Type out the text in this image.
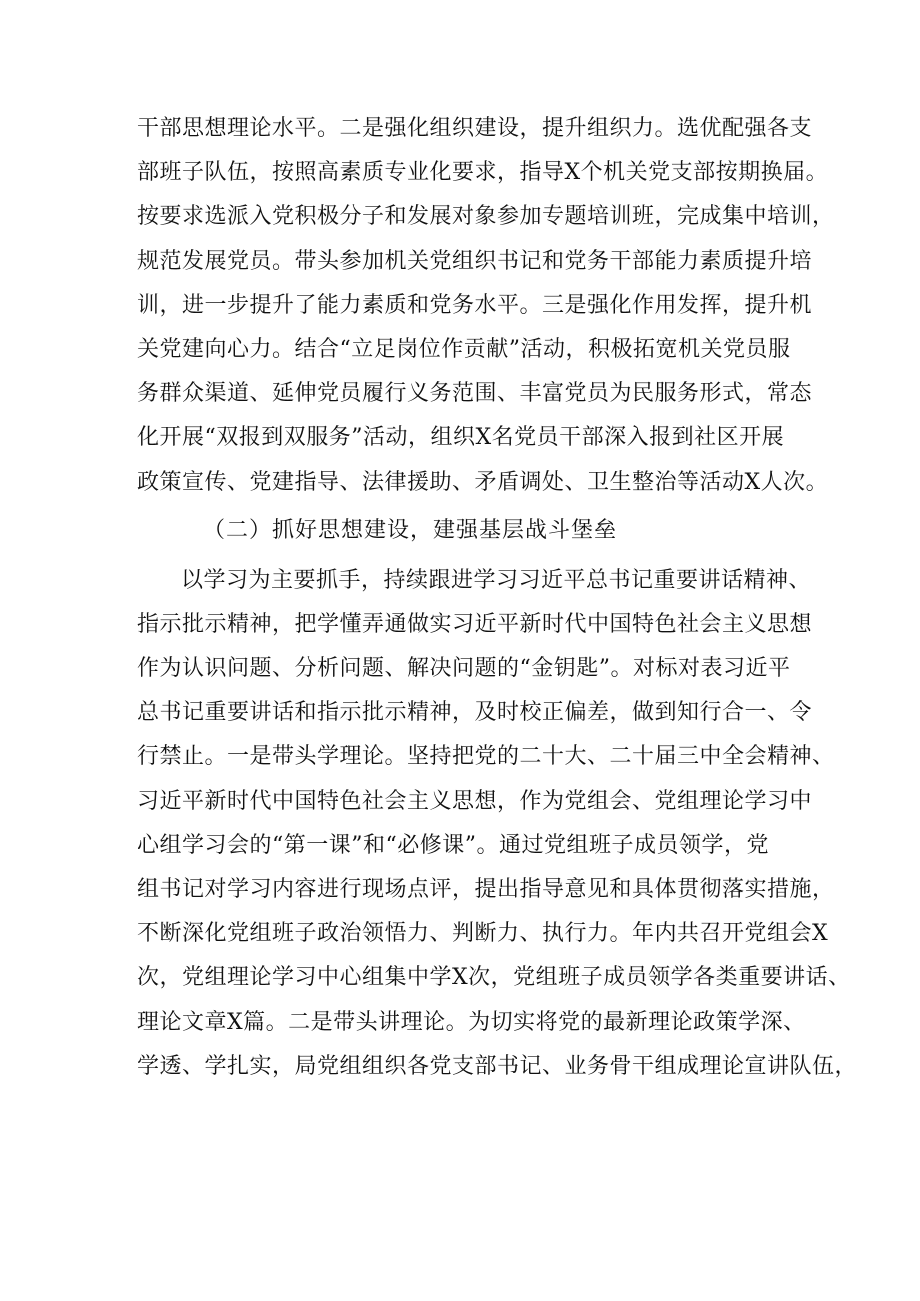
干部思想理论水平。二是强化组织建设，提升组织力。选优配强各支
部班子队伍，按照高素质专业化要求，指导X个机关党支部按期换届。
按要求选派入党积极分子和发展对象参加专题培训班，完成集中培训，
规范发展党员。带头参加机关党组织书记和党务干部能力素质提升培
训，进一步提升了能力素质和党务水平。三是强化作用发挥，提升机
关党建向心力。结合“立足岗位作贡献”活动，积极拓宽机关党员服
务群众渠道、延伸党员履行义务范围、丰富党员为民服务形式，常态
化开展“双报到双服务”活动，组织X名党员干部深入报到社区开展
政策宣传、党建指导、法律援助、矛盾调处、卫生整治等活动X人次。
（二）抓好思想建设，建强基层战斗堡垒
以学习为主要抓手，持续跟进学习习近平总书记重要讲话精神、
指示批示精神，把学懂弄通做实习近平新时代中国特色社会主义思想
作为认识问题、分析问题、解决问题的“金钥匙”。对标对表习近平
总书记重要讲话和指示批示精神，及时校正偏差，做到知行合一、令
行禁止。一是带头学理论。坚持把党的二十大、二十届三中全会精神、
习近平新时代中国特色社会主义思想，作为党组会、党组理论学习中
心组学习会的“第一课”和“必修课”。通过党组班子成员领学，党
组书记对学习内容进行现场点评，提出指导意见和具体贯彻落实措施，
不断深化党组班子政治领悟力、判断力、执行力。年内共召开党组会X
次，党组理论学习中心组集中学X次，党组班子成员领学各类重要讲话、
理论文章X篇。二是带头讲理论。为切实将党的最新理论政策学深、
学透、学扎实，局党组组织各党支部书记、业务骨干组成理论宣讲队伍，
